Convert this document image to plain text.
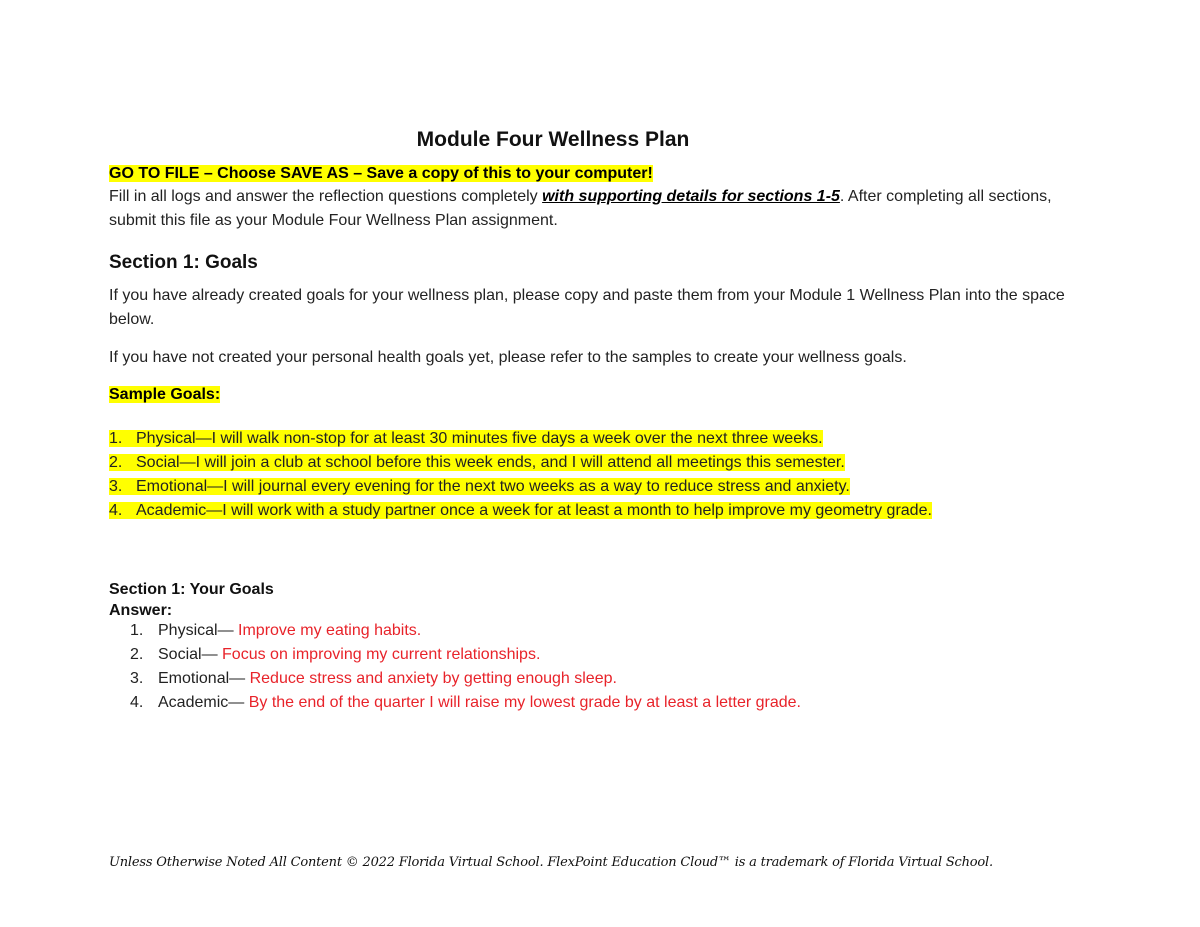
Module Four Wellness Plan
GO TO FILE – Choose SAVE AS – Save a copy of this to your computer!
Fill in all logs and answer the reflection questions completely with supporting details for sections 1-5. After completing all sections, submit this file as your Module Four Wellness Plan assignment.
Section 1: Goals
If you have already created goals for your wellness plan, please copy and paste them from your Module 1 Wellness Plan into the space below.
If you have not created your personal health goals yet, please refer to the samples to create your wellness goals.
Sample Goals:
1. Physical—I will walk non-stop for at least 30 minutes five days a week over the next three weeks.
2. Social—I will join a club at school before this week ends, and I will attend all meetings this semester.
3. Emotional—I will journal every evening for the next two weeks as a way to reduce stress and anxiety.
4. Academic—I will work with a study partner once a week for at least a month to help improve my geometry grade.
Section 1: Your Goals
Answer:
1. Physical— Improve my eating habits.
2. Social— Focus on improving my current relationships.
3. Emotional— Reduce stress and anxiety by getting enough sleep.
4. Academic— By the end of the quarter I will raise my lowest grade by at least a letter grade.
Unless Otherwise Noted All Content © 2022 Florida Virtual School. FlexPoint Education Cloud™ is a trademark of Florida Virtual School.
